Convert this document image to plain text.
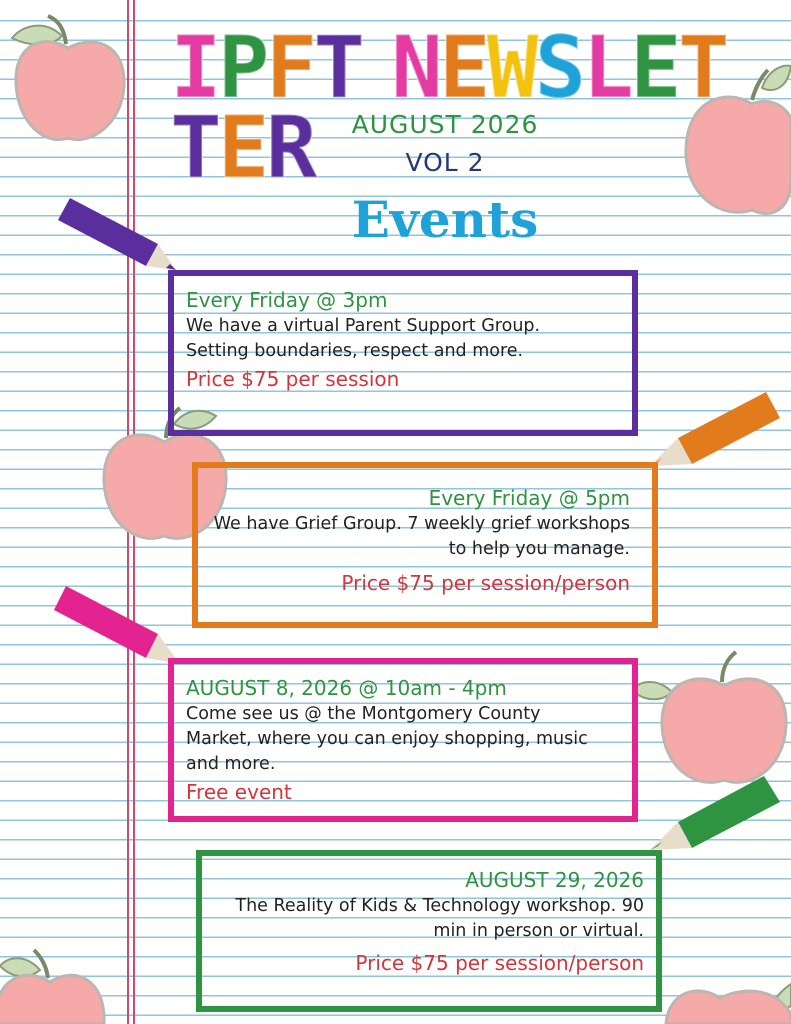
IPFT NEWSLETTER	AUGUST 2026
VOL 2
Events
Every Friday @ 3pm
We have a virtual Parent Support Group. Setting boundaries, respect and more.
Price $75 per session
Every Friday @ 5pm
We have Grief Group. 7 weekly grief workshops to help you manage.
Price $75 per session/person
AUGUST 8, 2026 @ 10am - 4pm
Come see us @ the Montgomery County Market, where you can enjoy shopping, music and more.
Free event
AUGUST 29, 2026
The Reality of Kids & Technology workshop. 90 min in person or virtual.
Price $75 per session/person
